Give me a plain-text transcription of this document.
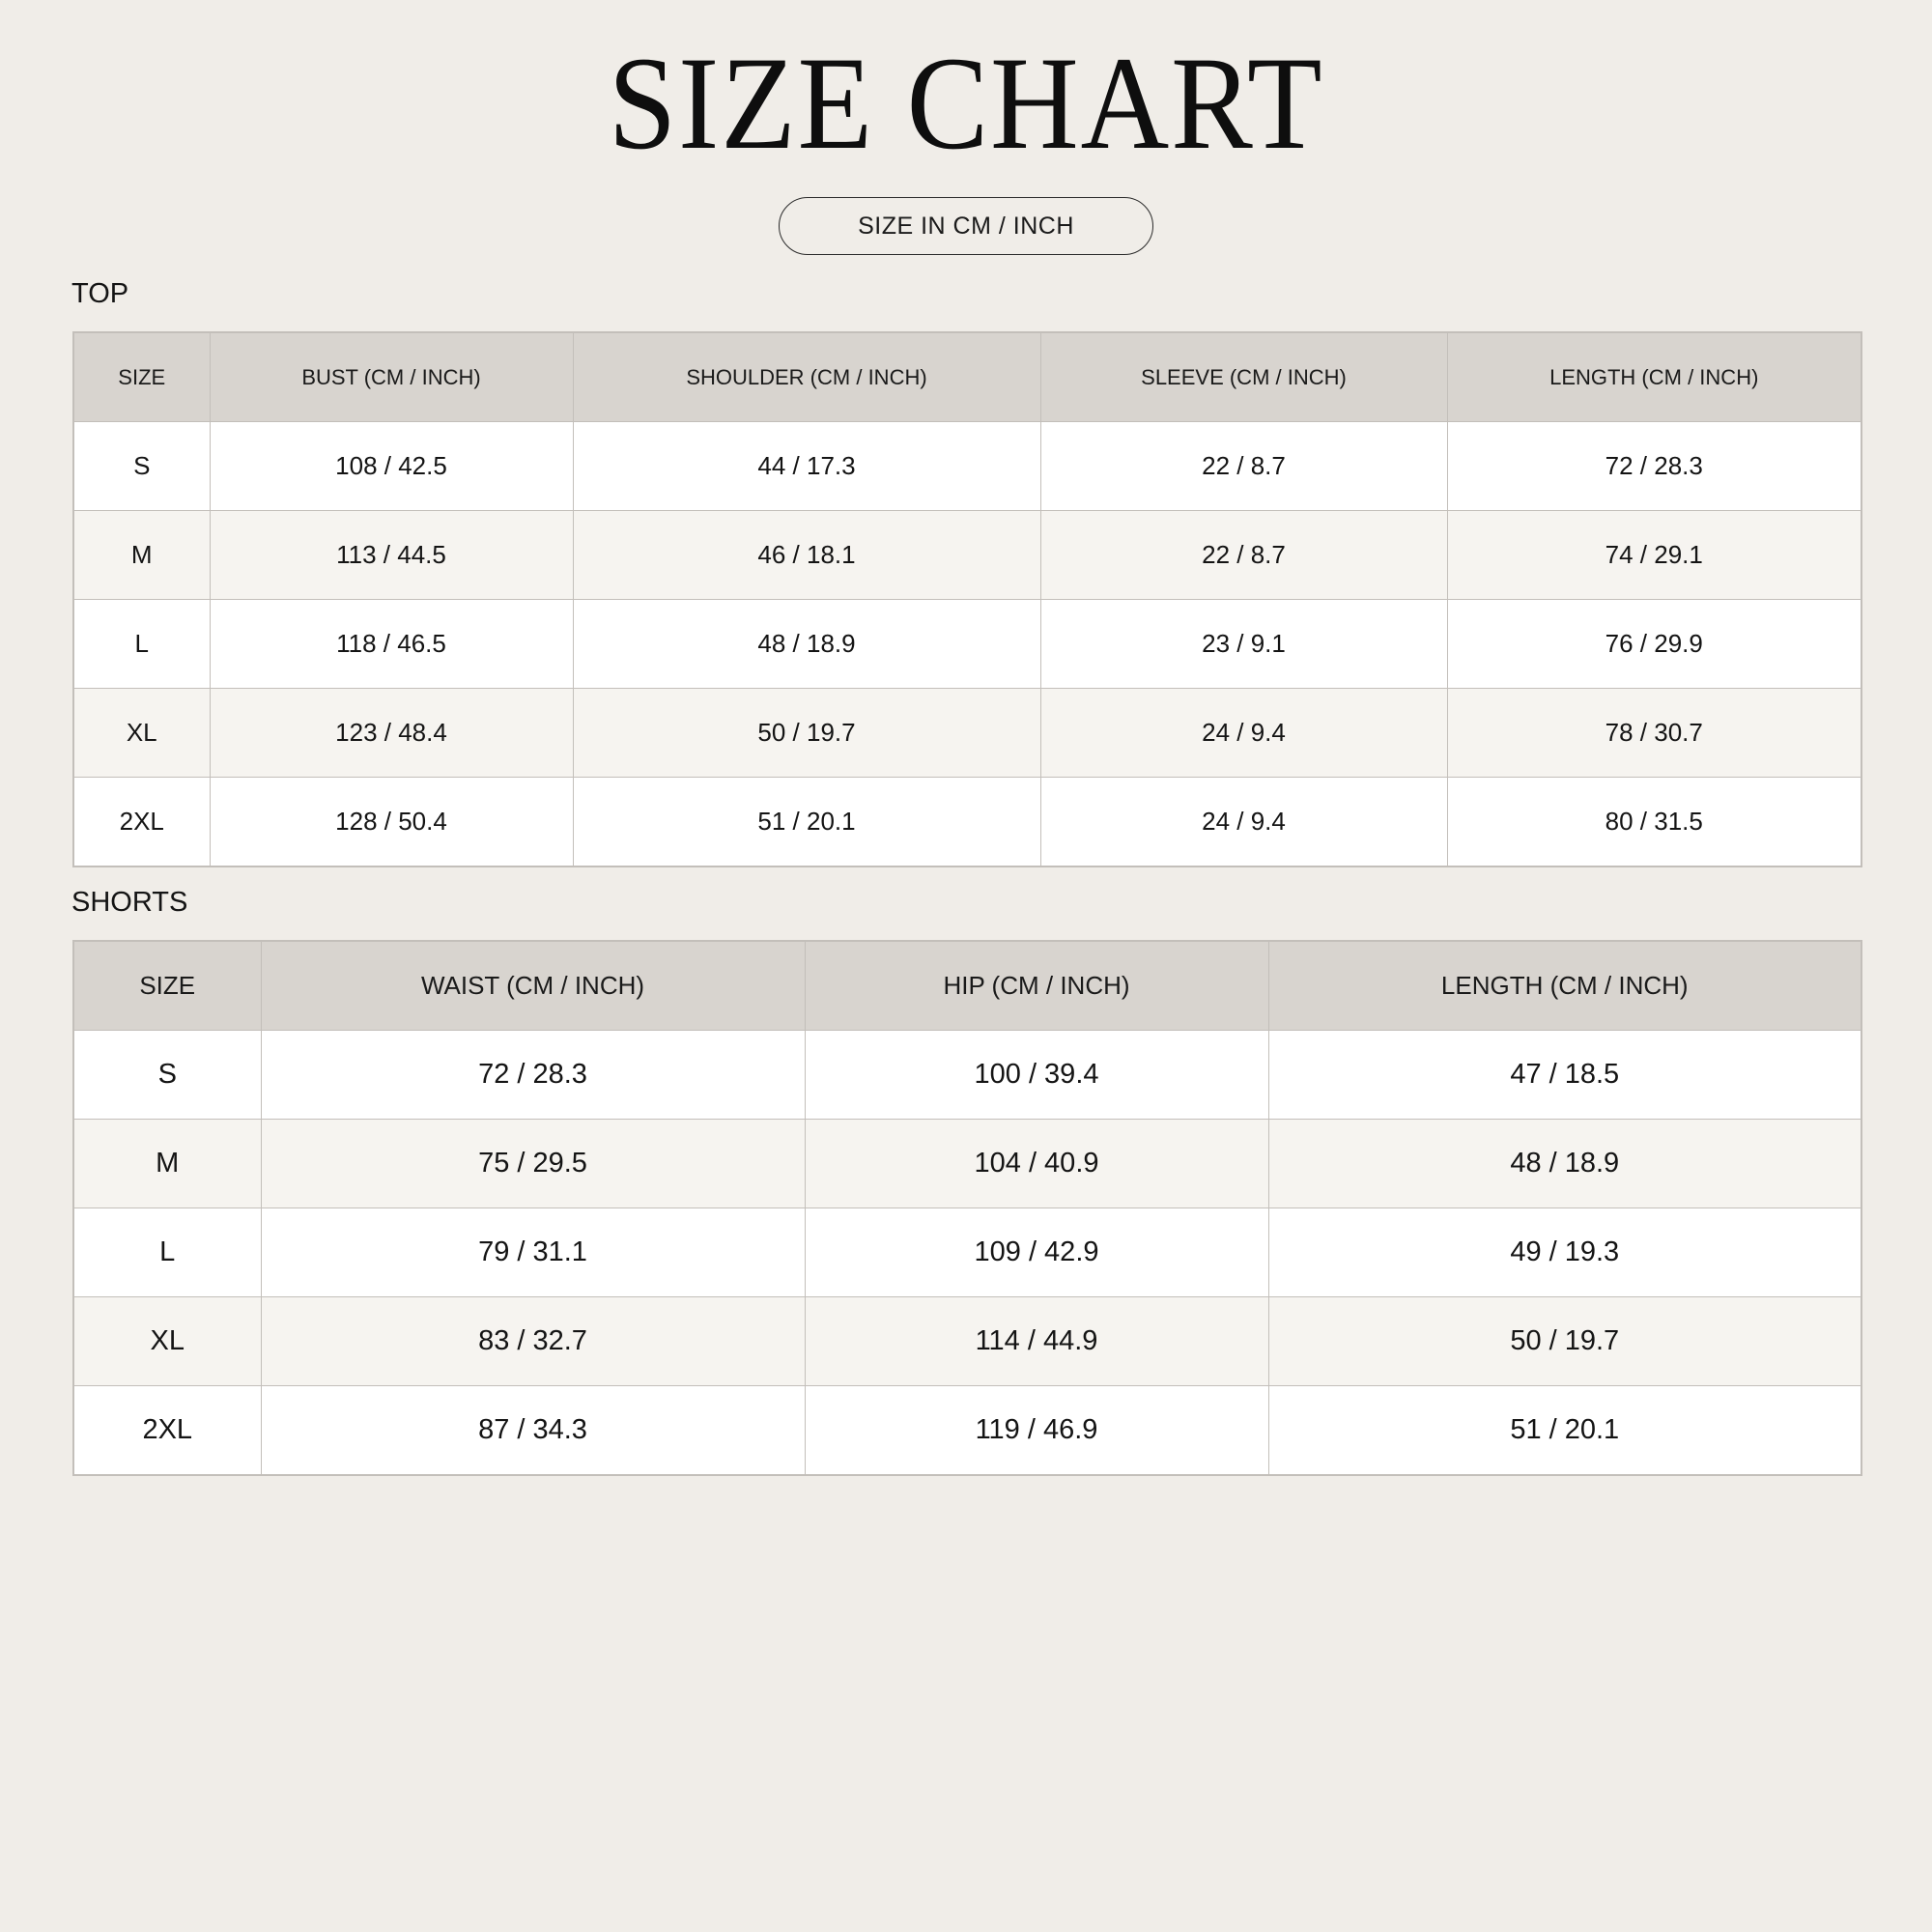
SIZE CHART
SIZE IN CM / INCH
TOP
SIZE	BUST (CM / INCH)	SHOULDER (CM / INCH)	SLEEVE (CM / INCH)	LENGTH (CM / INCH)
S	108 / 42.5	44 / 17.3	22 / 8.7	72 / 28.3
M	113 / 44.5	46 / 18.1	22 / 8.7	74 / 29.1
L	118 / 46.5	48 / 18.9	23 / 9.1	76 / 29.9
XL	123 / 48.4	50 / 19.7	24 / 9.4	78 / 30.7
2XL	128 / 50.4	51 / 20.1	24 / 9.4	80 / 31.5
SHORTS
SIZE	WAIST (CM / INCH)	HIP (CM / INCH)	LENGTH (CM / INCH)
S	72 / 28.3	100 / 39.4	47 / 18.5
M	75 / 29.5	104 / 40.9	48 / 18.9
L	79 / 31.1	109 / 42.9	49 / 19.3
XL	83 / 32.7	114 / 44.9	50 / 19.7
2XL	87 / 34.3	119 / 46.9	51 / 20.1
